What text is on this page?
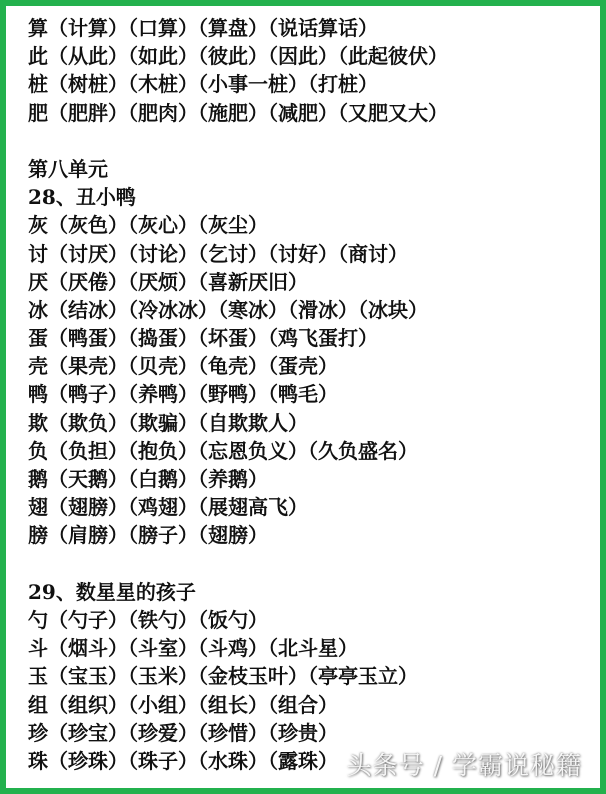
算（计算）（口算）（算盘）（说话算话）
此（从此）（如此）（彼此）（因此）（此起彼伏）
桩（树桩）（木桩）（小事一桩）（打桩）
肥（肥胖）（肥肉）（施肥）（减肥）（又肥又大）
第八单元
28、丑小鸭
灰（灰色）（灰心）（灰尘）
讨（讨厌）（讨论）（乞讨）（讨好）（商讨）
厌（厌倦）（厌烦）（喜新厌旧）
冰（结冰）（冷冰冰）（寒冰）（滑冰）（冰块）
蛋（鸭蛋）（捣蛋）（坏蛋）（鸡飞蛋打）
壳（果壳）（贝壳）（龟壳）（蛋壳）
鸭（鸭子）（养鸭）（野鸭）（鸭毛）
欺（欺负）（欺骗）（自欺欺人）
负（负担）（抱负）（忘恩负义）（久负盛名）
鹅（天鹅）（白鹅）（养鹅）
翅（翅膀）（鸡翅）（展翅高飞）
膀（肩膀）（膀子）（翅膀）
29、数星星的孩子
勺（勺子）（铁勺）（饭勺）
斗（烟斗）（斗室）（斗鸡）（北斗星）
玉（宝玉）（玉米）（金枝玉叶）（亭亭玉立）
组（组织）（小组）（组长）（组合）
珍（珍宝）（珍爱）（珍惜）（珍贵）
珠（珍珠）（珠子）（水珠）（露珠） 头条号 / 学霸说秘籍
